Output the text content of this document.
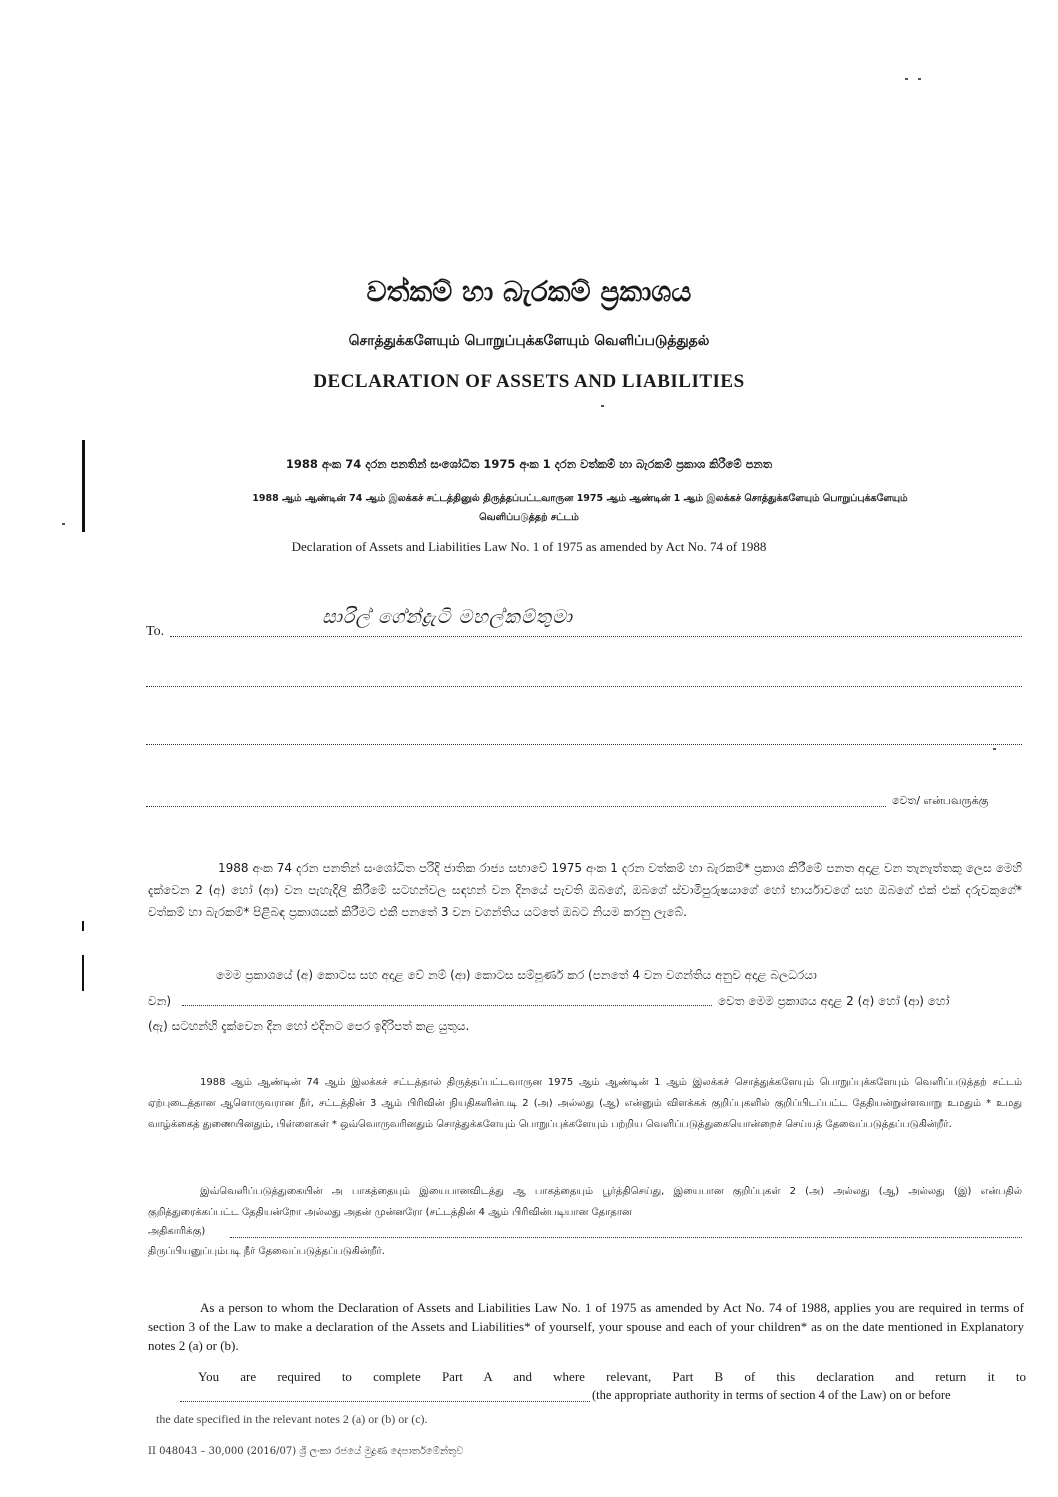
වත්කම් හා බැරකම් ප්‍රකාශය
சொத்துக்களேயும் பொறுப்புக்களேயும் வெளிப்படுத்துதல்
DECLARATION OF ASSETS AND LIABILITIES
1988 අංක 74 දරන පනතින් සංශෝධිත 1975 අංක 1 දරන වත්කම් හා බැරකම් ප්‍රකාශ කිරීමේ පනත
1988 ஆம் ஆண்டின் 74 ஆம் இலக்கச் சட்டத்தினுல் திருத்தப்பட்டவாருன 1975 ஆம் ஆண்டின் 1 ஆம் இலக்கச் சொத்துக்களேயும் பொறுப்புக்களேயும்
வெளிப்படுத்தற் சட்டம்
Declaration of Assets and Liabilities Law No. 1 of 1975 as amended by Act No. 74 of 1988
To.
සාරිල් ගේන්ද්‍රැටි මහල්කම්තුමා
වෙත/ என்பவருக்கு
1988 අංක 74 දරන පනතින් සංශෝධිත පරිදි ජාතික රාජ්‍ය සභාවේ 1975 අංක 1 දරන වත්කම් හා බැරකම්* ප්‍රකාශ කිරීමේ පනත අදාළ වන තැනැත්තකු ලෙස මෙහි දැක්වෙන 2 (අ) හෝ (ආ) වන පැහැදිලි කිරීමේ සටහන්වල සඳහන් වන දිනයේ පැවති ඔබගේ, ඔබගේ ස්වාමිපුරුෂයාගේ හෝ භාර්යාවගේ සහ ඔබගේ එක් එක් දරුවකුගේ* වත්කම් හා බැරකම්* පිළිබඳ ප්‍රකාශයක් කිරීමට එකී පනතේ 3 වන වගන්තිය යටතේ ඔබට නියම කරනු ලැබේ.
මෙම ප්‍රකාශයේ (අ) කොටස සහ අදාළ වේ නම් (ආ) කොටස සම්පූර්ණ කර (පනතේ 4 වන වගන්තිය අනුව අදාළ බලධරයා
වන)	වෙත මෙම ප්‍රකාශය අදාළ 2 (අ) හෝ (ආ) හෝ
(ඇ) සටහන්හි දැක්වෙන දින හෝ එදිනට පෙර ඉදිරිපත් කළ යුතුය.
1988 ஆம் ஆண்டின் 74 ஆம் இலக்கச் சட்டத்தால் திருத்தப்பட்டவாருன 1975 ஆம் ஆண்டின் 1 ஆம் இலக்கச் சொத்துக்களேயும் பொறுப்புக்களேயும் வெளிப்படுத்தற் சட்டம் ஏற்புடைத்தான ஆளொருவரான நீர், சட்டத்தின் 3 ஆம் பிரிவின் நியதிகளின்படி 2 (அ) அல்லது (ஆ) என்னும் விளக்கக் குறிப்புகளில் குறிப்பிடப்பட்ட தேதியன்றுள்ளவாறு உமதும் * உமது வாழ்க்கைத் துணையினதும், பிள்ளைகள் * ஒவ்வொருவரினதும் சொத்துக்களேயும் பொறுப்புக்களேயும் பற்றிய வெளிப்படுத்துகையொன்றைச் செய்யத் தேவைப்படுத்தப்படுகின்றீர்.
இவ்வெளிப்படுத்துகையின் அ பாகத்தையும் இயைபானவிடத்து ஆ பாகத்தையும் பூர்த்திசெய்து, இயைபான குறிப்புகள் 2 (அ) அல்லது (ஆ) அல்லது (இ) என்பதில் குறித்துரைக்கப்பட்ட தேதியன்றோ அல்லது அதன் முன்னரோ (சட்டத்தின் 4 ஆம் பிரிவின்படியான தோதான
அதிகாரிக்கு)
திருப்பியனுப்பும்படி நீர் தேவைப்படுத்தப்படுகின்றீர்.
As a person to whom the Declaration of Assets and Liabilities Law No. 1 of 1975 as amended by Act No. 74 of 1988, applies you are required in terms of section 3 of the Law to make a declaration of the Assets and Liabilities* of yourself, your spouse and each of your children* as on the date mentioned in Explanatory notes 2 (a) or (b).
You are required to complete Part A and where relevant, Part B of this declaration and return it to
(the appropriate authority in terms of section 4 of the Law) on or before
the date specified in the relevant notes 2 (a) or (b) or (c).
II 048043 – 30,000 (2016/07) ශ්‍රී ලංකා රජයේ මුද්‍රණ දෙපාර්තමේන්තුව
